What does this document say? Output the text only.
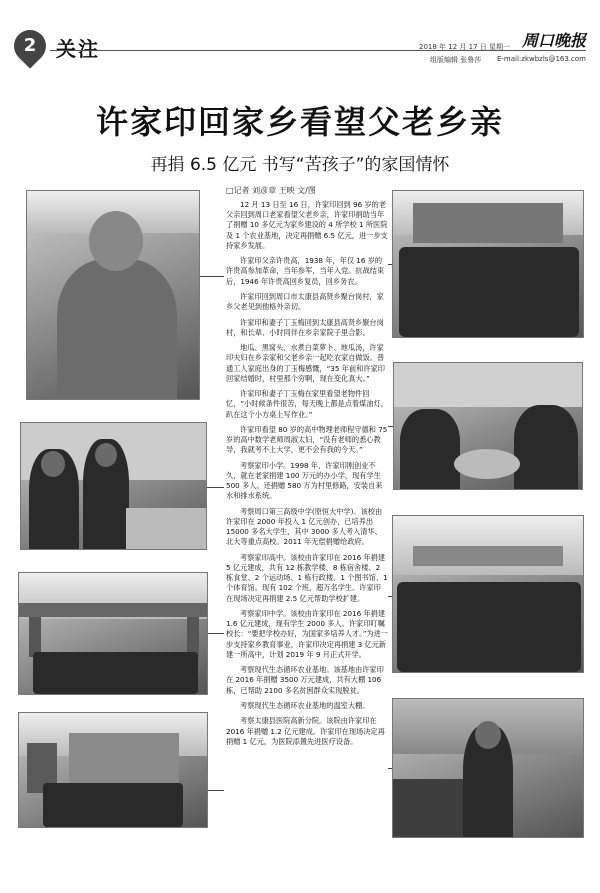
2 关注	2018 年 12 月 17 日 星期一 周口晚报
组版编辑 张鲁莎 E-mail:zkwbzls@163.com
许家印回家乡看望父老乡亲
再捐 6.5 亿元 书写“苦孩子”的家国情怀
□记者 刘彦章 王映 文/图

12 月 13 日至 16 日，许家印回到 96 岁的老父亲回到周口老家看望父老乡亲，许家印捐助当年了捐赠 10 多亿元为家乡建设的 4 所学校 1 所医院及 1 个农业基地，决定再捐赠 6.5 亿元，进一步支持家乡发展。

许家印父亲许贵高，1938 年，年仅 16 岁的许贵高参加革命，当年参军，当年入党。抗战结束后，1946 年许贵高回乡复员，回乡务农。

许家印回到周口市太康县高贤乡聚台岗村，家乡父老见到他格外亲切。

许家印和妻子丁玉梅回到太康县高贤乡聚台岗村，和长辈、小时同伴在乡亲家院子里合影。

地瓜、黑窝头、水煮白菜萝卜、地瓜汤，许家印夫妇在乡亲家和父老乡亲一起吃农家自做饭。普通工人家庭出身的丁玉梅感慨，“35 年前和许家印回家结婚时，村里那个穷啊，现在变化真大。”

许家印和妻子丁玉梅在家里看望老物件回忆，“小时候条件很苦，每天晚上都是点着煤油灯，趴在这个小方桌上写作业。”

许家印看望 80 岁的高中物理老师程守德和 75 岁的高中数学老师周淑太妇，“没有老师的悉心教导，我就考不上大学，更不会有我的今天。”

考察家印小学。1998 年，许家印刚创业不久，就在老家捐建 100 万元的办小学，现有学生 500 多人。还捐赠 580 万为村里修路，安装自来水和排水系统。

考察周口第三高级中学(原恒大中学)。该校由许家印在 2000 年投入 1 亿元创办，已培养出 15000 多名大学生，其中 3000 多人考入清华、北大等重点高校。2011 年无偿捐赠给政府。

考察家印高中。该校由许家印在 2016 年捐建 5 亿元建成，共有 12 栋教学楼、8 栋宿舍楼、2 栋食堂、2 个运动场、1 栋行政楼、1 个图书馆、1 个体育馆。现有 102 个班，超万名学生。许家印在现场决定再捐建 2.5 亿元帮助学校扩建。

考察家印中学。该校由许家印在 2016 年捐建 1.6 亿元建成，现有学生 2000 多人。许家印叮嘱校长：“要把学校办好，为国家多培养人才。”为进一步支持家乡教育事业，许家印决定再捐建 3 亿元新建一所高中，计划 2019 年 9 月正式开学。

考察现代生态循环农业基地。该基地由许家印在 2016 年捐赠 3500 万元建成，共有大棚 106 栋，已帮助 2100 多名贫困群众实现脱贫。

考察现代生态循环农业基地的温室大棚。

考察太康县医院高新分院。该院由许家印在 2016 年捐赠 1.2 亿元建成。许家印在现场决定再捐赠 1 亿元，为医院添置先进医疗设备。
